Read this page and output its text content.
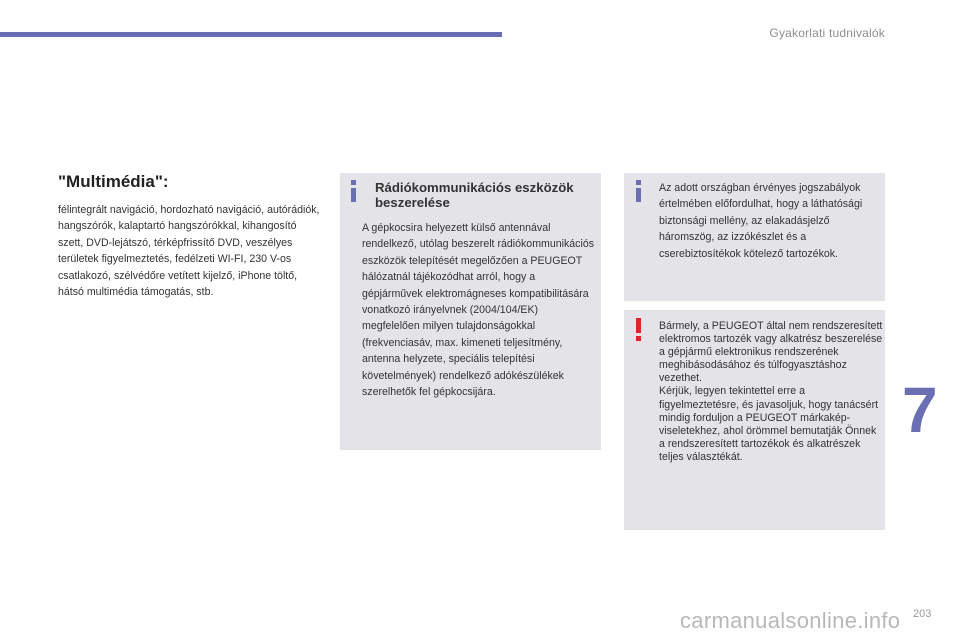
Gyakorlati tudnivalók
"Multimédia":

félintegrált navigáció, hordozható navigáció, autórádiók, hangszórók, kalaptartó hangszórókkal, kihangosító szett, DVD-lejátszó, térképfrissítő DVD, veszélyes területek figyelmeztetés, fedélzeti WI-FI, 230 V-os csatlakozó, szélvédőre vetített kijelző, iPhone töltő, hátsó multimédia támogatás, stb.

Rádiókommunikációs eszközök beszerelése

A gépkocsira helyezett külső antennával rendelkező, utólag beszerelt rádiókommunikációs eszközök telepítését megelőzően a PEUGEOT hálózatnál tájékozódhat arról, hogy a gépjárművek elektromágneses kompatibilitására vonatkozó irányelvnek (2004/104/EK) megfelelően milyen tulajdonságokkal (frekvenciasáv, max. kimeneti teljesítmény, antenna helyzete, speciális telepítési követelmények) rendelkező adókészülékek szerelhetők fel gépkocsijára.

Az adott országban érvényes jogszabályok értelmében előfordulhat, hogy a láthatósági biztonsági mellény, az elakadásjelző háromszög, az izzókészlet és a cserebiztosítékok kötelező tartozékok.

Bármely, a PEUGEOT által nem rendszeresített elektromos tartozék vagy alkatrész beszerelése a gépjármű elektronikus rendszerének meghibásodásához és túlfogyasztáshoz vezethet.
Kérjük, legyen tekintettel erre a figyelmeztetésre, és javasoljuk, hogy tanácsért mindig forduljon a PEUGEOT márkaképviseletekhez, ahol örömmel bemutatják Önnek a rendszeresített tartozékok és alkatrészek teljes választékát.

7
carmanualsonline.info 203
